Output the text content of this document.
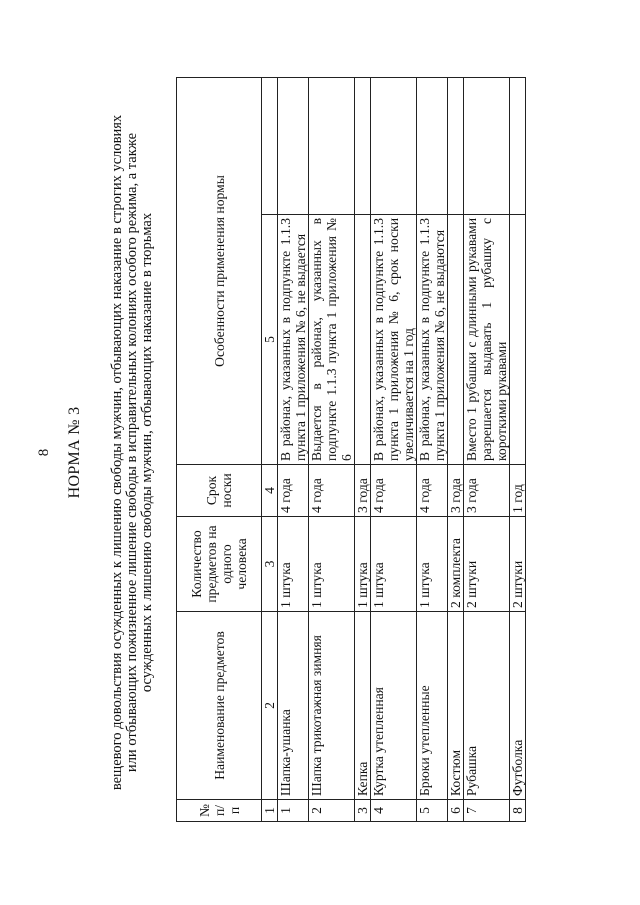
8 НОРМА № 3 вещевого довольствия осужденных к лишению свободы мужчин, отбывающих наказание в строгих условиях или отбывающих пожизненное лишение свободы в исправительных колониях особого режима, а также осужденных к лишению свободы мужчин, отбывающих наказание в тюрьмах
№ п/п	Наименование предметов	Количество предметов на одного человека	Срок носки	Особенности применения нормы	
1	2	3	4	5	
1	Шапка-ушанка	1 штука	4 года	В районах, указанных в подпункте 1.1.3 пункта 1 приложения № 6, не выдается	
2	Шапка трикотажная зимняя	1 штука	4 года	Выдается в районах, указанных в подпункте 1.1.3 пункта 1 приложения № 6	
3	Кепка	1 штука	3 года		
4	Куртка утепленная	1 штука	4 года	В районах, указанных в подпункте 1.1.3 пункта 1 приложения № 6, срок носки увеличивается на 1 год	
5	Брюки утепленные	1 штука	4 года	В районах, указанных в подпункте 1.1.3 пункта 1 приложения № 6, не выдаются	
6	Костюм	2 комплекта	3 года		
7	Рубашка	2 штуки	3 года	Вместо 1 рубашки с длинными рукавами разрешается выдавать 1 рубашку с короткими рукавами	
8	Футболка	2 штуки	1 год		
